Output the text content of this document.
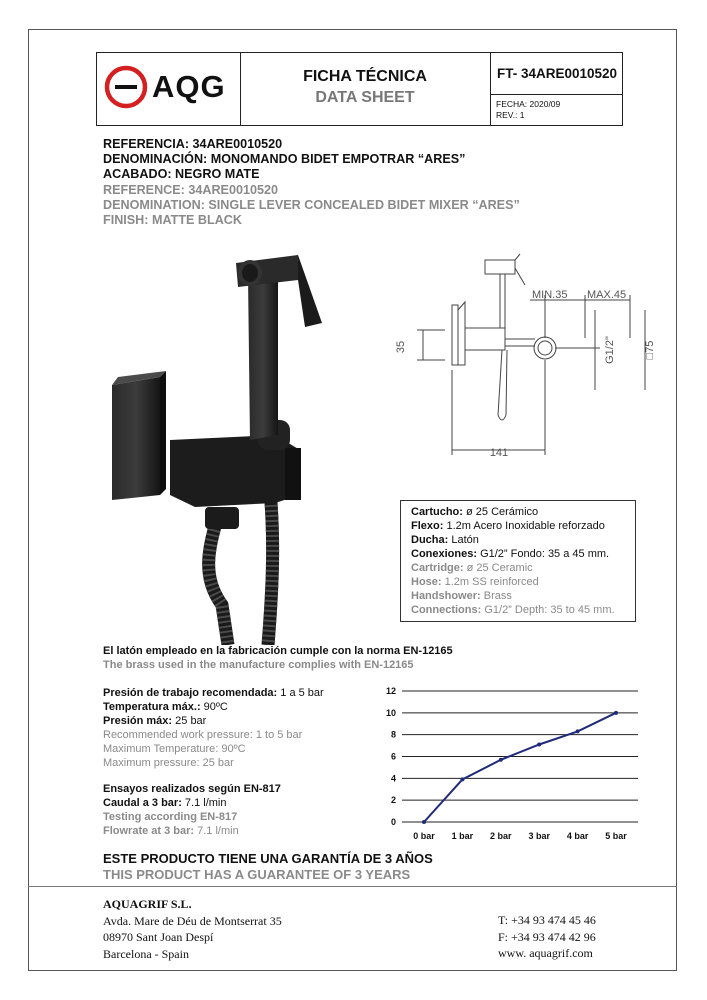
AQG	FICHA TÉCNICA
DATA SHEET
FT- 34ARE0010520
FECHA: 2020/09
REV.: 1
REFERENCIA: 34ARE0010520
DENOMINACIÓN: MONOMANDO BIDET EMPOTRAR “ARES”
ACABADO: NEGRO MATE
REFERENCE: 34ARE0010520
DENOMINATION: SINGLE LEVER CONCEALED BIDET MIXER “ARES”
FINISH: MATTE BLACK
35
MIN.35 MAX.45
G1/2"	□75
141
Cartucho: ø 25 Cerámico
Flexo: 1.2m Acero Inoxidable reforzado
Ducha: Latón
Conexiones: G1/2” Fondo: 35 a 45 mm.
Cartridge: ø 25 Ceramic
Hose: 1.2m SS reinforced
Handshower: Brass
Connections: G1/2” Depth: 35 to 45 mm.
El latón empleado en la fabricación cumple con la norma EN-12165
The brass used in the manufacture complies with EN-12165
Presión de trabajo recomendada: 1 a 5 bar
Temperatura máx.: 90ºC
Presión máx: 25 bar
Recommended work pressure: 1 to 5 bar
Maximum Temperature: 90ºC
Maximum pressure: 25 bar
Ensayos realizados según EN-817
Caudal a 3 bar: 7.1 l/min
Testing according EN-817
Flowrate at 3 bar: 7.1 l/min
0
2
4
6
8
10
12
0 bar 1 bar 2 bar 3 bar 4 bar 5 bar
ESTE PRODUCTO TIENE UNA GARANTÍA DE 3 AÑOS
THIS PRODUCT HAS A GUARANTEE OF 3 YEARS
AQUAGRIF S.L.
Avda. Mare de Déu de Montserrat 35
08970 Sant Joan Despí
Barcelona - Spain
T: +34 93 474 45 46
F: +34 93 474 42 96
www. aquagrif.com
